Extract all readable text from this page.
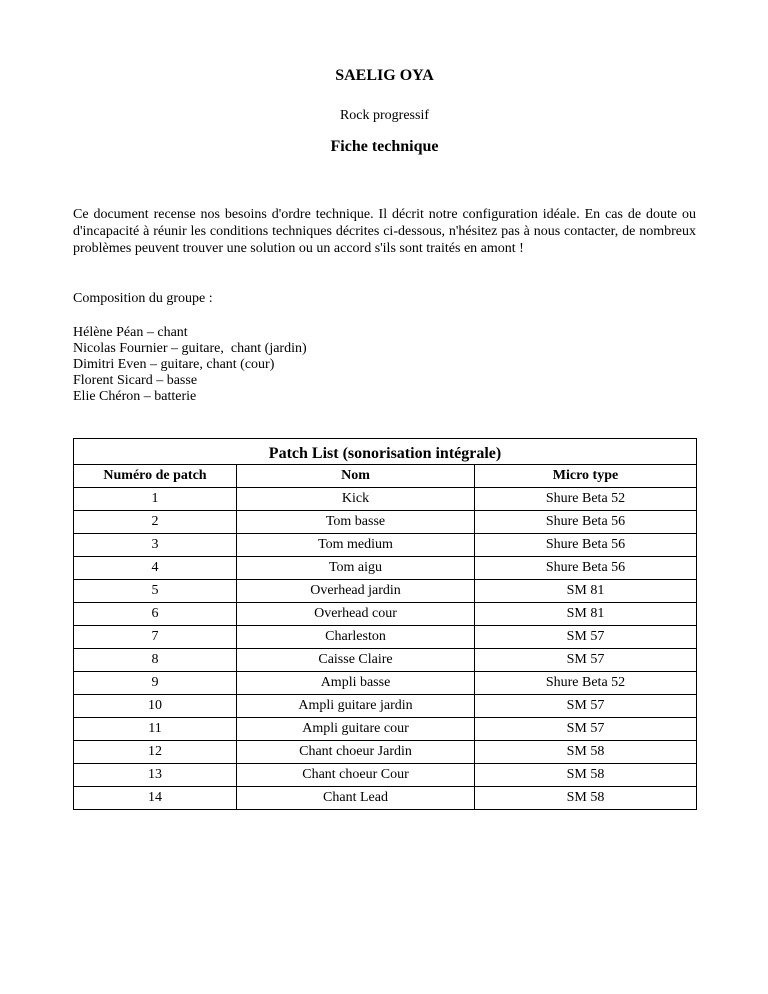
SAELIG OYA
Rock progressif
Fiche technique
Ce document recense nos besoins d'ordre technique. Il décrit notre configuration idéale. En cas de doute ou d'incapacité à réunir les conditions techniques décrites ci-dessous, n'hésitez pas à nous contacter, de nombreux problèmes peuvent trouver une solution ou un accord s'ils sont traités en amont !
Composition du groupe :
Hélène Péan – chant
Nicolas Fournier – guitare,  chant (jardin)
Dimitri Even – guitare, chant (cour)
Florent Sicard – basse
Elie Chéron – batterie
Patch List (sonorisation intégrale)		
Numéro de patch	Nom	Micro type
1	Kick	Shure Beta 52
2	Tom basse	Shure Beta 56
3	Tom medium	Shure Beta 56
4	Tom aigu	Shure Beta 56
5	Overhead jardin	SM 81
6	Overhead cour	SM 81
7	Charleston	SM 57
8	Caisse Claire	SM 57
9	Ampli basse	Shure Beta 52
10	Ampli guitare jardin	SM 57
11	Ampli guitare cour	SM 57
12	Chant choeur Jardin	SM 58
13	Chant choeur Cour	SM 58
14	Chant Lead	SM 58
